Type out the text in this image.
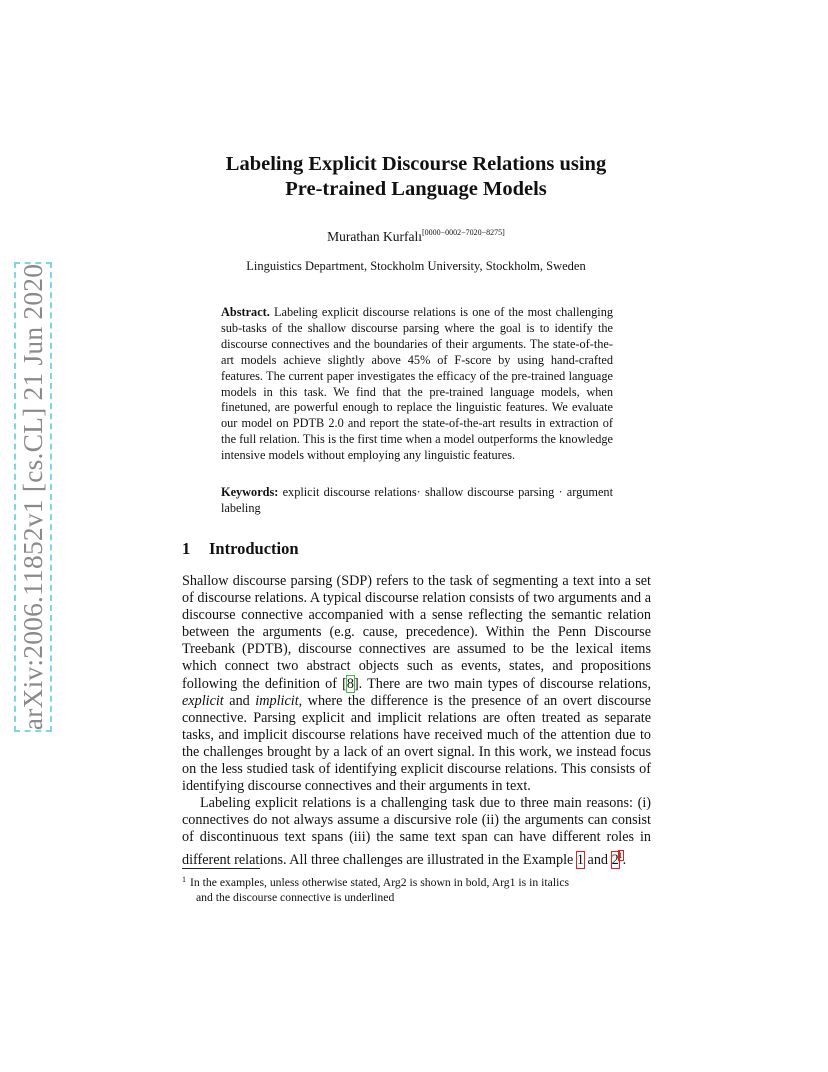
arXiv:2006.11852v1 [cs.CL] 21 Jun 2020
Labeling Explicit Discourse Relations using
Pre-trained Language Models
Murathan Kurfalı[0000−0002−7020−8275]
Linguistics Department, Stockholm University, Stockholm, Sweden
Abstract. Labeling explicit discourse relations is one of the most challenging sub-tasks of the shallow discourse parsing where the goal is to identify the discourse connectives and the boundaries of their arguments. The state-of-the-art models achieve slightly above 45% of F-score by using hand-crafted features. The current paper investigates the efficacy of the pre-trained language models in this task. We find that the pre-trained language models, when finetuned, are powerful enough to replace the linguistic features. We evaluate our model on PDTB 2.0 and report the state-of-the-art results in extraction of the full relation. This is the first time when a model outperforms the knowledge intensive models without employing any linguistic features.
Keywords: explicit discourse relations· shallow discourse parsing · argument labeling
1 Introduction

Shallow discourse parsing (SDP) refers to the task of segmenting a text into a set of discourse relations. A typical discourse relation consists of two arguments and a discourse connective accompanied with a sense reflecting the semantic relation between the arguments (e.g. cause, precedence). Within the Penn Discourse Treebank (PDTB), discourse connectives are assumed to be the lexical items which connect two abstract objects such as events, states, and propositions following the definition of [8]. There are two main types of discourse relations, explicit and implicit, where the difference is the presence of an overt discourse connective. Parsing explicit and implicit relations are often treated as separate tasks, and implicit discourse relations have received much of the attention due to the challenges brought by a lack of an overt signal. In this work, we instead focus on the less studied task of identifying explicit discourse relations. This consists of identifying discourse connectives and their arguments in text.

Labeling explicit relations is a challenging task due to three main reasons: (i) connectives do not always assume a discursive role (ii) the arguments can consist of discontinuous text spans (iii) the same text span can have different roles in different relations. All three challenges are illustrated in the Example 1 and 2$^1$.

$^1$ In the examples, unless otherwise stated, Arg2 is shown in bold, Arg1 is in italics
and the discourse connective is underlined
